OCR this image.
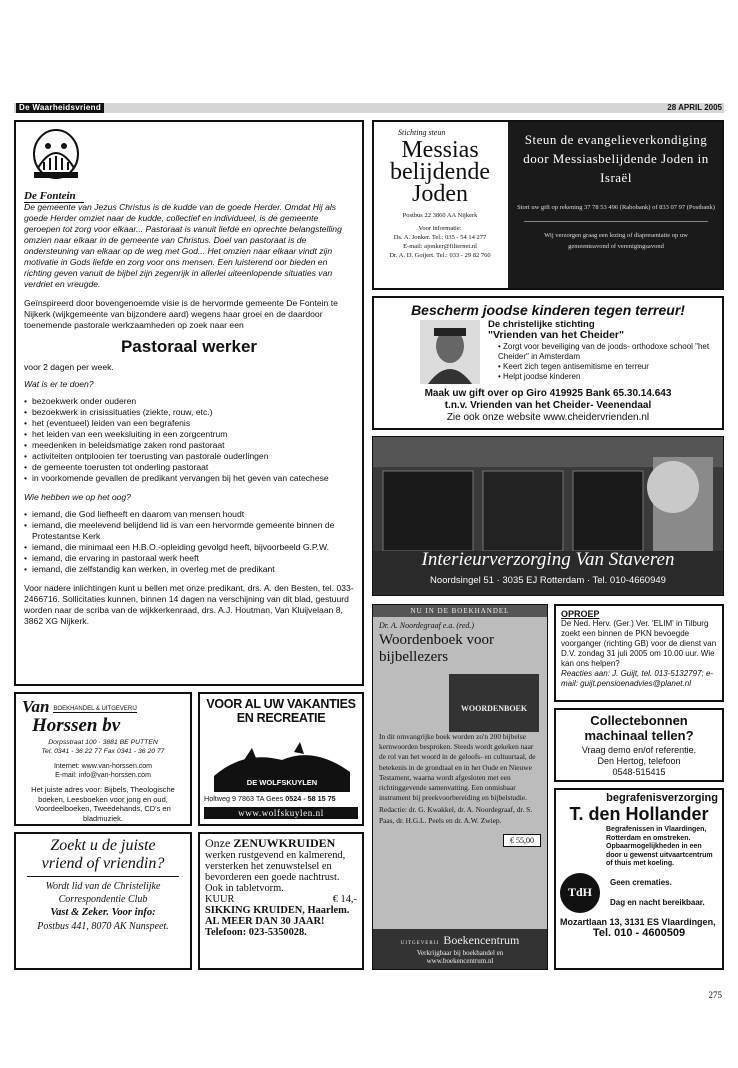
De Waarheidsvriend	28 APRIL 2005
De Fontein

De gemeente van Jezus Christus is de kudde van de goede Herder. Omdat Hij als goede Herder omziet naar de kudde, collectief en individueel, is de gemeente geroepen tot zorg voor elkaar... Pastoraat is vanuit liefde en oprechte belangstelling omzien naar elkaar in de gemeente van Christus. Doel van pastoraat is de ondersteuning van elkaar op de weg met God... Het omzien naar elkaar vindt zijn motivatie in Gods liefde en zorg voor ons mensen. Een luisterend oor bieden en richting geven vanuit de bijbel zijn zegenrijk in allerlei uiteenlopende situaties van verdriet en vreugde.

Geïnspireerd door bovengenoemde visie is de hervormde gemeente De Fontein te Nijkerk (wijkgemeente van bijzondere aard) wegens haar groei en de daardoor toenemende pastorale werkzaamheden op zoek naar een

Pastoraal werker

voor 2 dagen per week.

Wat is er te doen?
• bezoekwerk onder ouderen
• bezoekwerk in crisissituaties (ziekte, rouw, etc.)
• het (eventueel) leiden van een begrafenis
• het leiden van een weeksluiting in een zorgcentrum
• meedenken in beleidsmatige zaken rond pastoraat
• activiteiten ontplooien ter toerusting van pastorale ouderlingen
• de gemeente toerusten tot onderling pastoraat
• in voorkomende gevallen de predikant vervangen bij het geven van catechese
Wie hebben we op het oog?
• iemand, die God liefheeft en daarom van mensen houdt
• iemand, die meelevend belijdend lid is van een hervormde gemeente binnen de Protestantse Kerk
• iemand, die minimaal een H.B.O.-opleiding gevolgd heeft, bijvoorbeeld G.P.W.
• iemand, die ervaring in pastoraal werk heeft
• iemand, die zelfstandig kan werken, in overleg met de predikant

Voor nadere inlichtingen kunt u bellen met onze predikant, drs. A. den Besten, tel. 033-2466716. Sollicitaties kunnen, binnen 14 dagen na verschijning van dit blad, gestuurd worden naar de scriba van de wijkkerkenraad, drs. A.J. Houtman, Van Kluijvelaan 8, 3862 XG Nijkerk.

Stichting steun
Messias
belijdende
Joden
Postbus 22 3860 AA Nijkerk
Voor informatie:
Ds. A. Jonker. Tel.: 035 - 54 14 277
E-mail: ajonker@filternet.nl
Dr. A. D. Goijert. Tel.: 033 - 29 82 760
Steun de evangelieverkondiging door Messiasbelijdende Joden in Israël
Stort uw gift op rekening 37 78 53 496 (Rabobank) of 833 07 97 (Postbank)
Wij verzorgen graag een lezing of diapresentatie op uw gemeenteavond of verenigingsavond
Bescherm joodse kinderen tegen terreur!
De christelijke stichting
"Vrienden van het Cheider"
• Zorgt voor beveiliging van de joods- orthodoxe school "het Cheider" in Amsterdam
• Keert zich tegen antisemitisme en terreur
• Helpt joodse kinderen
Maak uw gift over op Giro 419925 Bank 65.30.14.643
t.n.v. Vrienden van het Cheider- Veenendaal
Zie ook onze website www.cheidervrienden.nl
Interieurverzorging Van Staveren
Noordsingel 51 · 3035 EJ Rotterdam · Tel. 010-4660949
NU IN DE BOEKHANDEL
Dr. A. Noordegraaf e.a. (red.)
Woordenboek voor bijbellezers
WOORDENBOEK
In dit omvangrijke boek worden zo'n 200 bijbelse kernwoorden besproken. Steeds wordt gekeken naar de rol van het woord in de geloofs- en cultuurtaal, de betekenis in de grondtaal en in het Oude en Nieuwe Testament, waarna wordt afgesloten met een richtinggevende samenvatting. Een onmisbaar instrument bij preekvoorbereiding en bijbelstudie.
Redactie: dr. G. Kwakkel, dr. A. Noordegraaf, dr. S. Paas, dr. H.G.L. Peels en dr. A.W. Zwiep.
€ 55,00
UITGEVERIJ Boekencentrum
Verkrijgbaar bij boekhandel en
www.boekencentrum.nl
OPROEP
De Ned. Herv. (Ger.) Ver. 'ELIM' in Tilburg zoekt een binnen de PKN bevoegde voorganger (richting GB) voor de dienst van D.V. zondag 31 juli 2005 om 10.00 uur. Wie kan ons helpen?
Reacties aan: J. Guijt, tel. 013-5132797; e-mail: guijt.pensioenadvies@planet.nl
Collectebonnen machinaal tellen?
Vraag demo en/of referentie.
Den Hertog, telefoon
0548-515415
begrafenisverzorging
T. den Hollander
Begrafenissen in Vlaardingen,
Rotterdam en omstreken.
Opbaarmogelijkheden in een
door u gewenst uitvaartcentrum
of thuis met koeling.
TdH
Geen crematies.
Dag en nacht bereikbaar.
Mozartlaan 13, 3131 ES Vlaardingen,
Tel. 010 - 4600509
Van BOEKHANDEL & UITGEVERIJ
Horssen bv
Dorpsstraat 100 · 3881 BE PUTTEN
Tel. 0341 - 36 22 77 Fax 0341 - 36 20 77
Internet: www.van-horssen.com
E-mail: info@van-horssen.com
Het juiste adres voor: Bijbels, Theologische boeken, Leesboeken voor jong en oud, Voordeelboeken, Tweedehands, CD's en bladmuziek.
VOOR AL UW VAKANTIES EN RECREATIE
DE WOLFSKUYLEN
Holtweg 9 7863 TA Gees 0524 - 58 15 75
www.wolfskuylen.nl
Zoekt u de juiste
vriend of vriendin?
Wordt lid van de Christelijke
Correspondentie Club
Vast & Zeker. Voor info:
Postbus 441, 8070 AK Nunspeet.
Onze ZENUWKRUIDEN
werken rustgevend en kalmerend, versterken het zenuwstelsel en bevorderen een goede nachtrust. Ook in tabletvorm.
KUUR	€ 14,-
SIKKING KRUIDEN, Haarlem.
AL MEER DAN 30 JAAR!
Telefoon: 023-5350028.
275
